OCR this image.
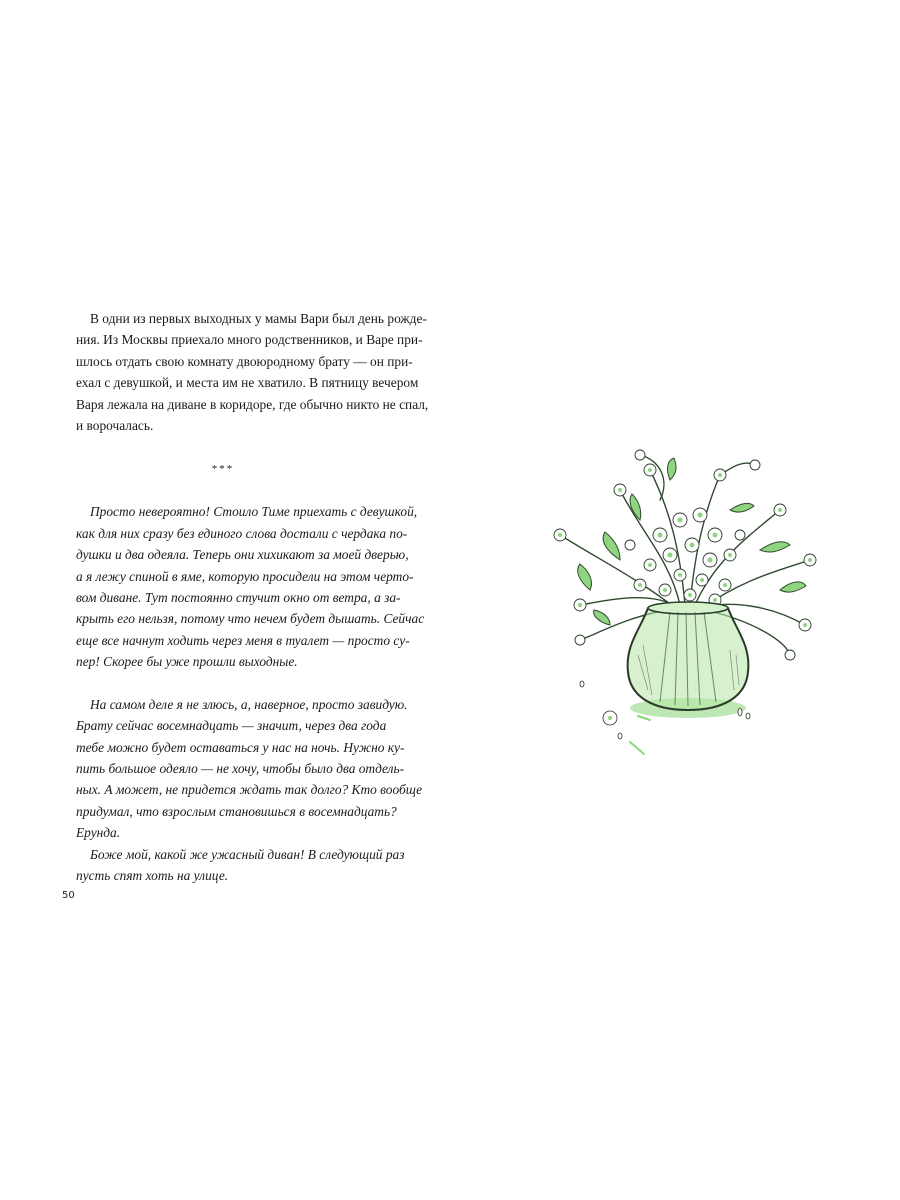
В одни из первых выходных у мамы Вари был день рожде-
ния. Из Москвы приехало много родственников, и Варе при-
шлось отдать свою комнату двоюродному брату — он при-
ехал с девушкой, и места им не хватило. В пятницу вечером
Варя лежала на диване в коридоре, где обычно никто не спал,
и ворочалась.
***
Просто невероятно! Стоило Тиме приехать с девушкой,
как для них сразу без единого слова достали с чердака по-
душки и два одеяла. Теперь они хихикают за моей дверью,
а я лежу спиной в яме, которую просидели на этом черто-
вом диване. Тут постоянно стучит окно от ветра, а за-
крыть его нельзя, потому что нечем будет дышать. Сейчас
еще все начнут ходить через меня в туалет — просто су-
пер! Скорее бы уже прошли выходные.
На самом деле я не злюсь, а, наверное, просто завидую.
Брату сейчас восемнадцать — значит, через два года
тебе можно будет оставаться у нас на ночь. Нужно ку-
пить большое одеяло — не хочу, чтобы было два отдель-
ных. А может, не придется ждать так долго? Кто вообще
придумал, что взрослым становишься в восемнадцать?
Ерунда.
Боже мой, какой же ужасный диван! В следующий раз
пусть спят хоть на улице.
50
